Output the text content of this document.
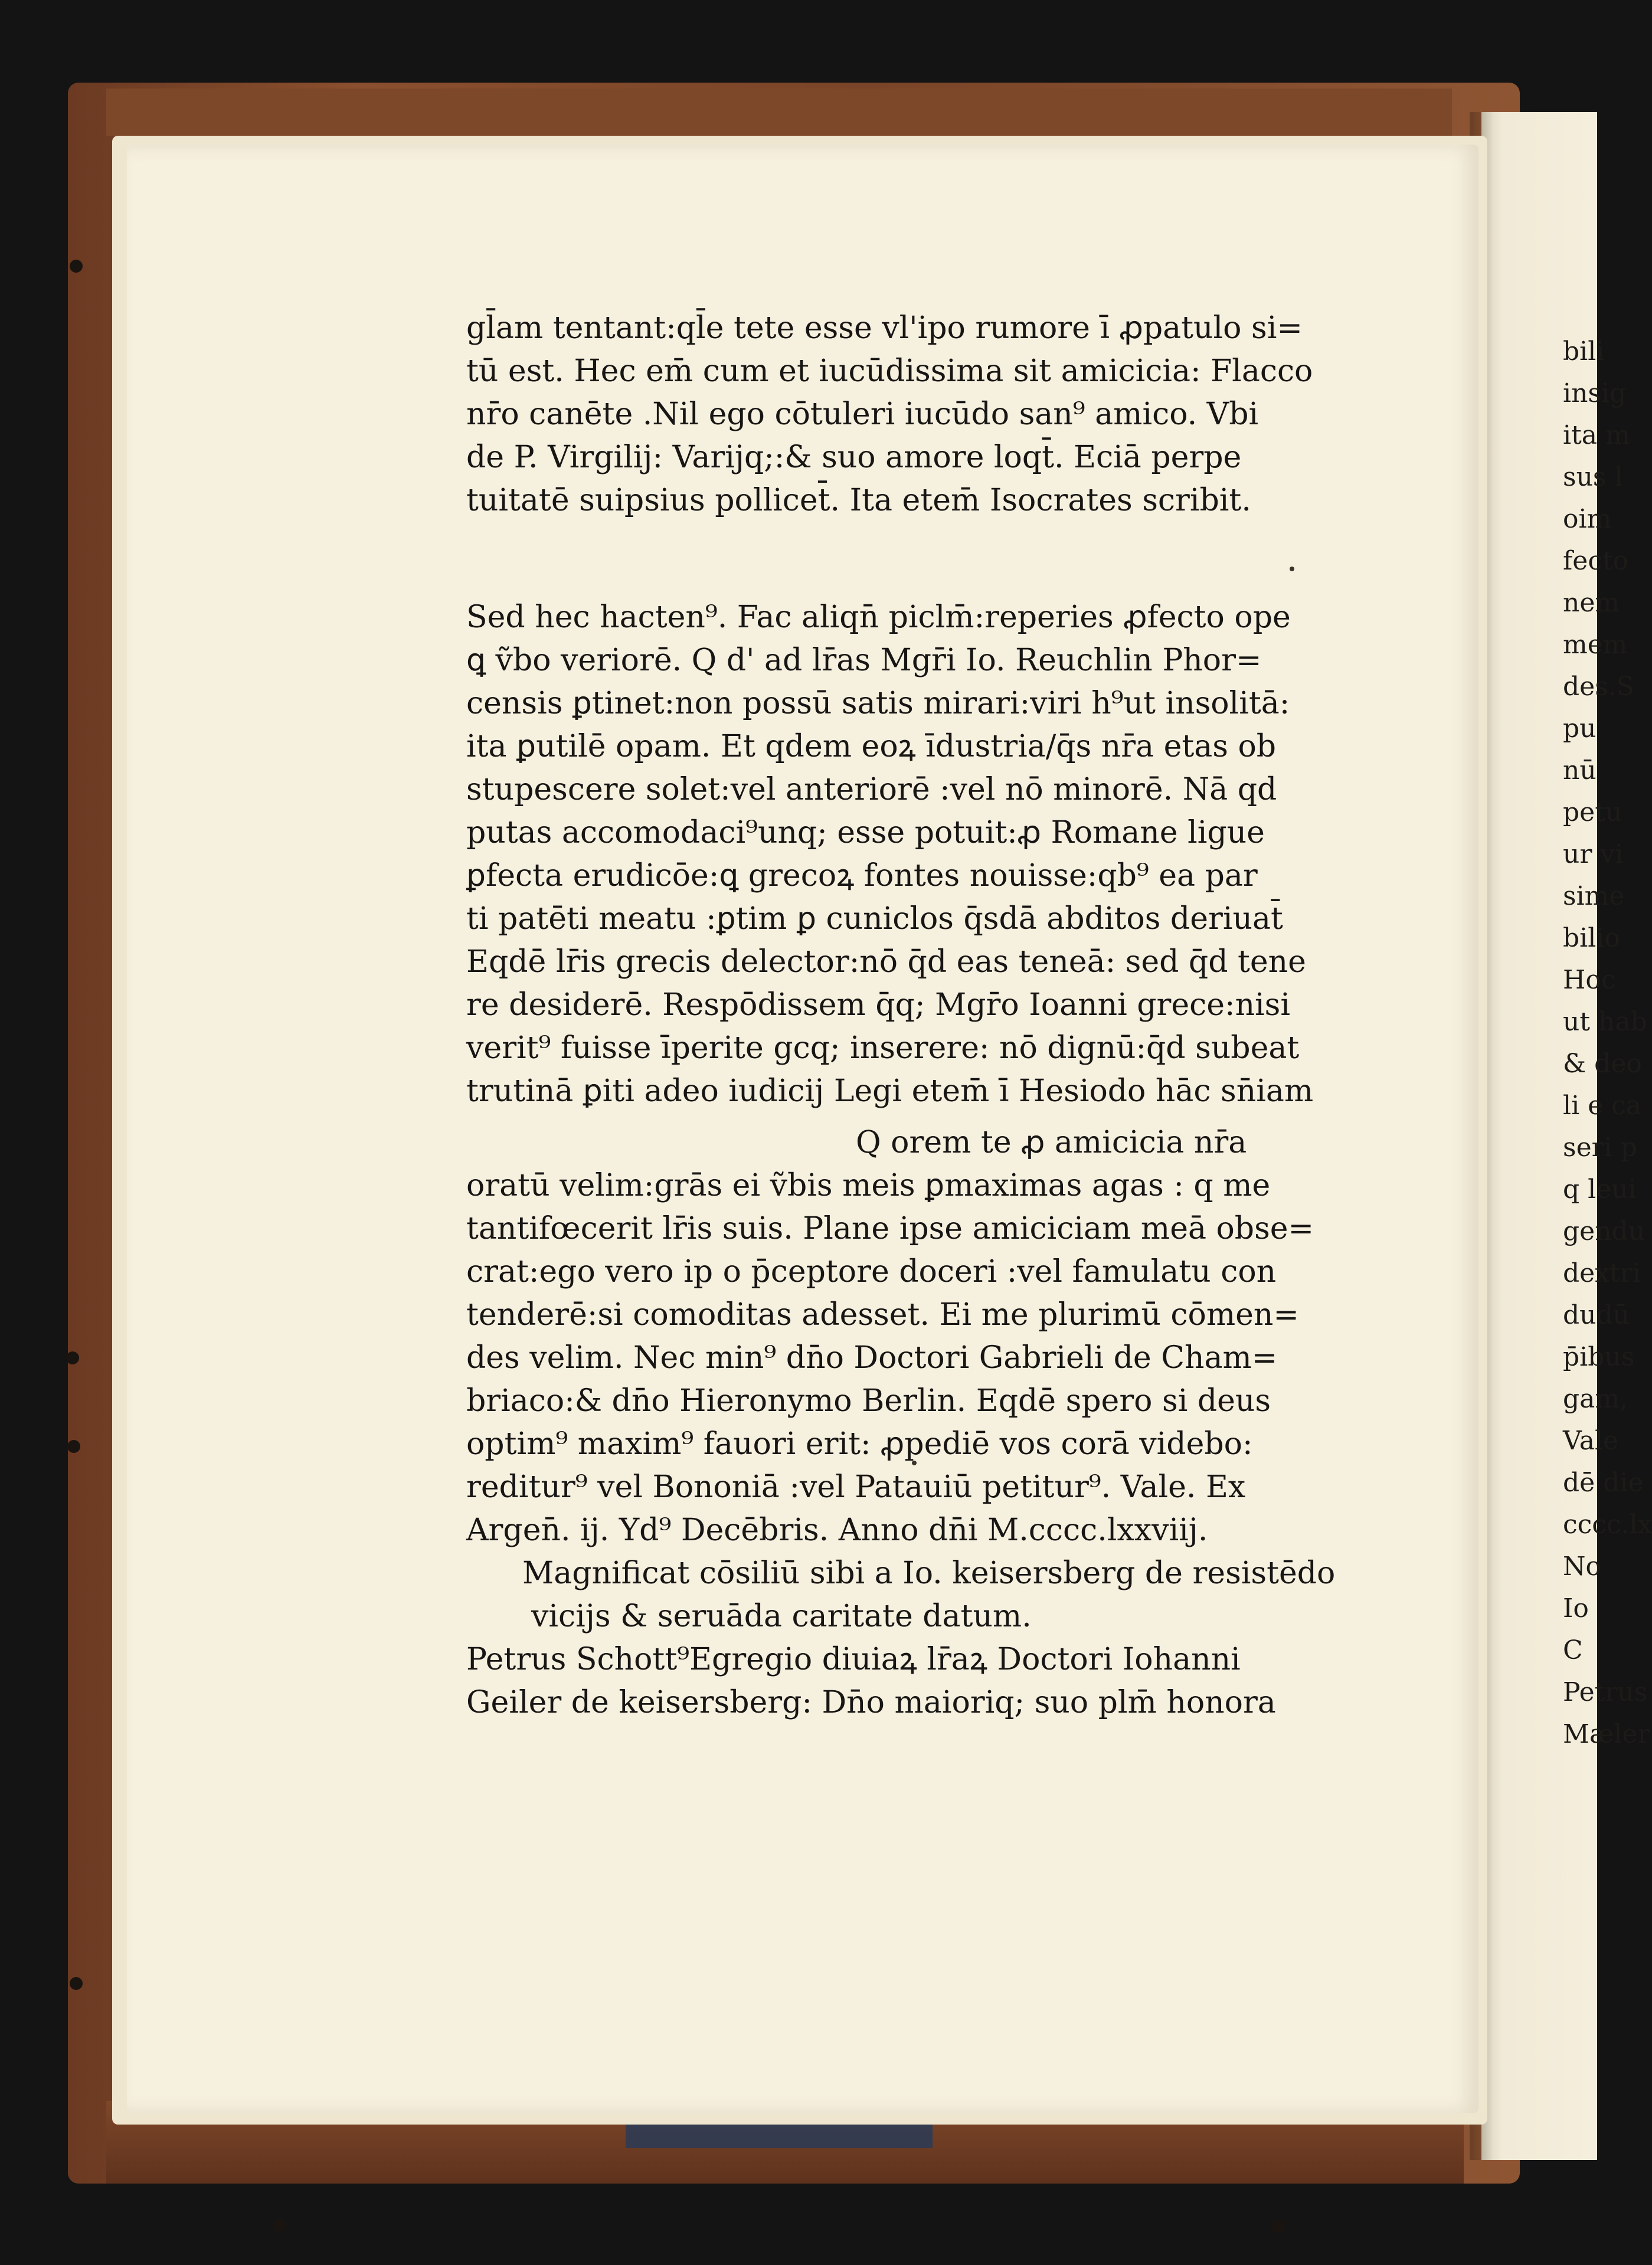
bili
insig
ita m
sus l
oim
fecto
nem
mem
des.S
pu
nū
petu
ur vi
sime
bilio
Hoc
ut hab
& deo
li e ca
seri p
q leui
gendu
dextri
dudū
p̄ibus
gam,
Vale
dē die
cccc.lx
No
Io
C
Petrus
Mæler
gl̄am tentant:ql̄e tete esse vl'ipo rumore ī ꝓpatulo si=
tū est. Hec em̄ cum et iucūdissima sit amicicia: Flacco
nr̄o canēte .Nil ego cōtuleri iucūdo san⁹ amico. Vbi
de P. Virgilij: Varijq;:& suo amore loqt̄. Eciā perpe
tuitatē suipsius pollicet̄. Ita etem̄ Isocrates scribit.
Sed hec hacten⁹. Fac aliqn̄ piclm̄:reperies ꝓfecto ope
ꝗ ṽbo veriorē. Q d' ad lr̄as Mgr̄i Io. Reuchlin Phor=
censis ꝑtinet:non possū satis mirari:viri h⁹ut insolitā:
ita ꝑutilē opam. Et qdem eoꝝ īdustria/q̄s nr̄a etas ob
stupescere solet:vel anteriorē :vel nō minorē. Nā qd
putas accomodaci⁹unq; esse potuit:ꝓ Romane ligue
ꝑfecta erudicōe:ꝗ grecoꝝ fontes nouisse:qb⁹ ea par
ti patēti meatu :ꝑtim ꝑ cuniclos q̄sdā abditos deriuat̄
Eqdē lr̄is grecis delector:nō q̄d eas teneā: sed q̄d tene
re desiderē. Respōdissem q̄q; Mgr̄o Ioanni grece:nisi
verit⁹ fuisse īperite gcq; inserere: nō dignū:q̄d subeat
trutinā ꝑiti adeo iudicij Legi etem̄ ī Hesiodo hāc sn̄iam
Q orem te ꝓ amicicia nr̄a
oratū velim:grās ei ṽbis meis ꝑmaximas agas : q me
tantifœcerit lr̄is suis. Plane ipse amiciciam meā obse=
crat:ego vero ip o p̄ceptore doceri :vel famulatu con
tenderē:si comoditas adesset. Ei me plurimū cōmen=
des velim. Nec min⁹ dn̄o Doctori Gabrieli de Cham=
briaco:& dn̄o Hieronymo Berlin. Eqdē spero si deus
optim⁹ maxim⁹ fauori erit: ꝓpediē vos corā videbo:
reditur⁹ vel Bononiā :vel Patauiū petitur⁹. Vale. Ex
Argen̄. ij. Yd⁹ Decēbris. Anno dn̄i M.cccc.lxxviij.
Magnificat cōsiliū sibi a Io. keisersberg de resistēdo
vicijs & seruāda caritate datum.
Petrus Schott⁹Egregio diuiaꝝ lr̄aꝝ Doctori Iohanni
Geiler de keisersberg: Dn̄o maioriq; suo plm̄ honora
